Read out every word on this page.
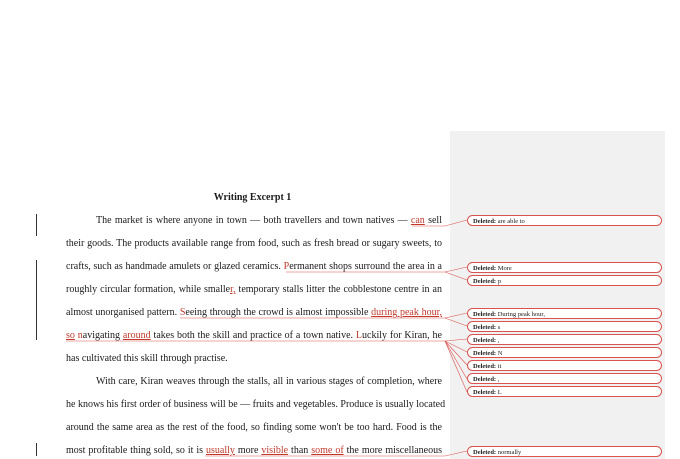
Writing Excerpt 1
The market is where anyone in town — both travellers and town natives — can sell
their goods. The products available range from food, such as fresh bread or sugary sweets, to
crafts, such as handmade amulets or glazed ceramics. Permanent shops surround the area in a
roughly circular formation, while smaller, temporary stalls litter the cobblestone centre in an
almost unorganised pattern. Seeing through the crowd is almost impossible during peak hour,
so navigating around takes both the skill and practice of a town native. Luckily for Kiran, he
has cultivated this skill through practise.
With care, Kiran weaves through the stalls, all in various stages of completion, where
he knows his first order of business will be — fruits and vegetables. Produce is usually located
around the same area as the rest of the food, so finding some won't be too hard. Food is the
most profitable thing sold, so it is usually more visible than some of the more miscellaneous
Deleted: are able to
Deleted: More
Deleted: p
Deleted: During peak hour,
Deleted: s
Deleted: ,
Deleted: N
Deleted: it
Deleted: ,
Deleted: L
Deleted: normally
